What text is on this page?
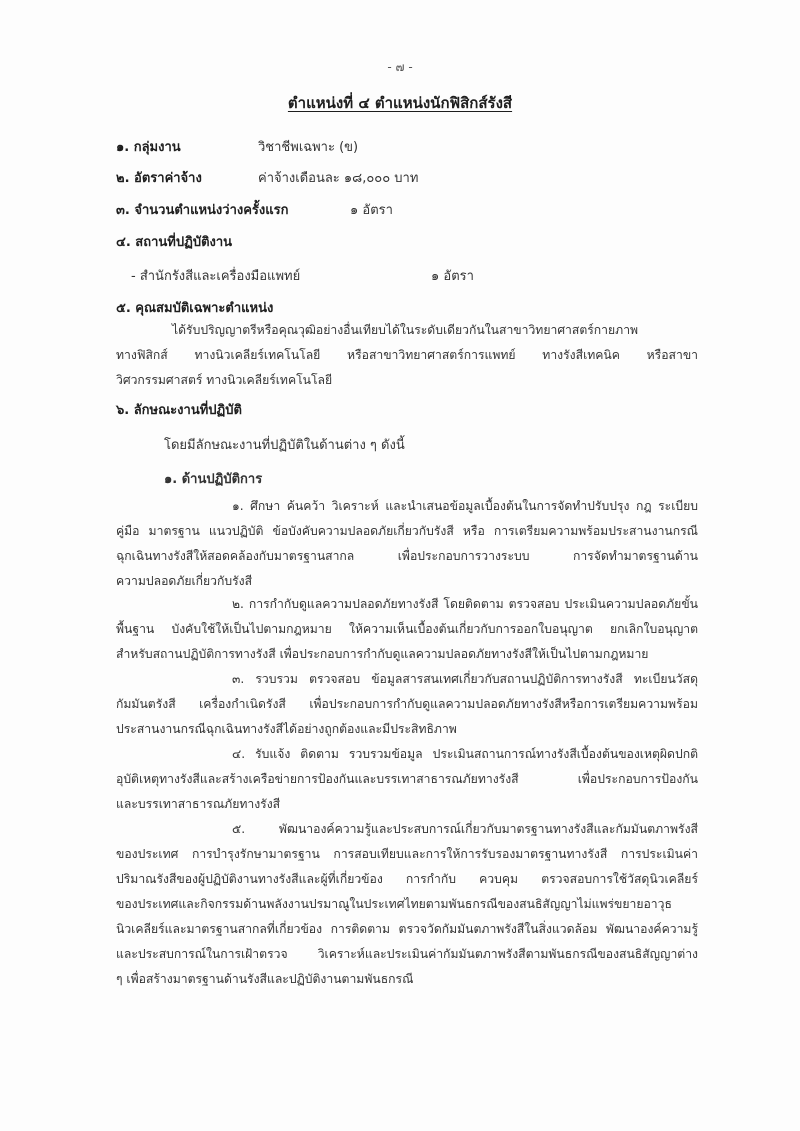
- ๗ -
ตำแหน่งที่ ๔ ตำแหน่งนักฟิสิกส์รังสี
๑. กลุ่มงาน	วิชาชีพเฉพาะ (ข)
๒. อัตราค่าจ้าง	ค่าจ้างเดือนละ ๑๘,๐๐๐ บาท
๓. จำนวนตำแหน่งว่างครั้งแรก	๑ อัตรา
๔. สถานที่ปฏิบัติงาน
- สำนักรังสีและเครื่องมือแพทย์	๑ อัตรา
๕. คุณสมบัติเฉพาะตำแหน่ง
ได้รับปริญญาตรีหรือคุณวุฒิอย่างอื่นเทียบได้ในระดับเดียวกันในสาขาวิทยาศาสตร์กายภาพ
ทางฟิสิกส์ ทางนิวเคลียร์เทคโนโลยี หรือสาขาวิทยาศาสตร์การแพทย์ ทางรังสีเทคนิค หรือสาขา
วิศวกรรมศาสตร์ ทางนิวเคลียร์เทคโนโลยี
๖. ลักษณะงานที่ปฏิบัติ
โดยมีลักษณะงานที่ปฏิบัติในด้านต่าง ๆ ดังนี้
๑. ด้านปฏิบัติการ
๑. ศึกษา ค้นคว้า วิเคราะห์ และนำเสนอข้อมูลเบื้องต้นในการจัดทำปรับปรุง กฎ ระเบียบ
คู่มือ มาตรฐาน แนวปฏิบัติ ข้อบังคับความปลอดภัยเกี่ยวกับรังสี หรือ การเตรียมความพร้อมประสานงานกรณี
ฉุกเฉินทางรังสีให้สอดคล้องกับมาตรฐานสากล เพื่อประกอบการวางระบบ การจัดทำมาตรฐานด้าน
ความปลอดภัยเกี่ยวกับรังสี
๒. การกำกับดูแลความปลอดภัยทางรังสี โดยติดตาม ตรวจสอบ ประเมินความปลอดภัยขั้น
พื้นฐาน บังคับใช้ให้เป็นไปตามกฎหมาย ให้ความเห็นเบื้องต้นเกี่ยวกับการออกใบอนุญาต ยกเลิกใบอนุญาต
สำหรับสถานปฏิบัติการทางรังสี เพื่อประกอบการกำกับดูแลความปลอดภัยทางรังสีให้เป็นไปตามกฎหมาย
๓. รวบรวม ตรวจสอบ ข้อมูลสารสนเทศเกี่ยวกับสถานปฏิบัติการทางรังสี ทะเบียนวัสดุ
กัมมันตรังสี เครื่องกำเนิดรังสี เพื่อประกอบการกำกับดูแลความปลอดภัยทางรังสีหรือการเตรียมความพร้อม
ประสานงานกรณีฉุกเฉินทางรังสีได้อย่างถูกต้องและมีประสิทธิภาพ
๔. รับแจ้ง ติดตาม รวบรวมข้อมูล ประเมินสถานการณ์ทางรังสีเบื้องต้นของเหตุผิดปกติ
อุบัติเหตุทางรังสีและสร้างเครือข่ายการป้องกันและบรรเทาสาธารณภัยทางรังสี เพื่อประกอบการป้องกัน
และบรรเทาสาธารณภัยทางรังสี
๕. พัฒนาองค์ความรู้และประสบการณ์เกี่ยวกับมาตรฐานทางรังสีและกัมมันตภาพรังสี
ของประเทศ การบำรุงรักษามาตรฐาน การสอบเทียบและการให้การรับรองมาตรฐานทางรังสี การประเมินค่า
ปริมาณรังสีของผู้ปฏิบัติงานทางรังสีและผู้ที่เกี่ยวข้อง การกำกับ ควบคุม ตรวจสอบการใช้วัสดุนิวเคลียร์
ของประเทศและกิจกรรมด้านพลังงานปรมาณูในประเทศไทยตามพันธกรณีของสนธิสัญญาไม่แพร่ขยายอาวุธ
นิวเคลียร์และมาตรฐานสากลที่เกี่ยวข้อง การติดตาม ตรวจวัดกัมมันตภาพรังสีในสิ่งแวดล้อม พัฒนาองค์ความรู้
และประสบการณ์ในการเฝ้าตรวจ วิเคราะห์และประเมินค่ากัมมันตภาพรังสีตามพันธกรณีของสนธิสัญญาต่าง
ๆ เพื่อสร้างมาตรฐานด้านรังสีและปฏิบัติงานตามพันธกรณี
